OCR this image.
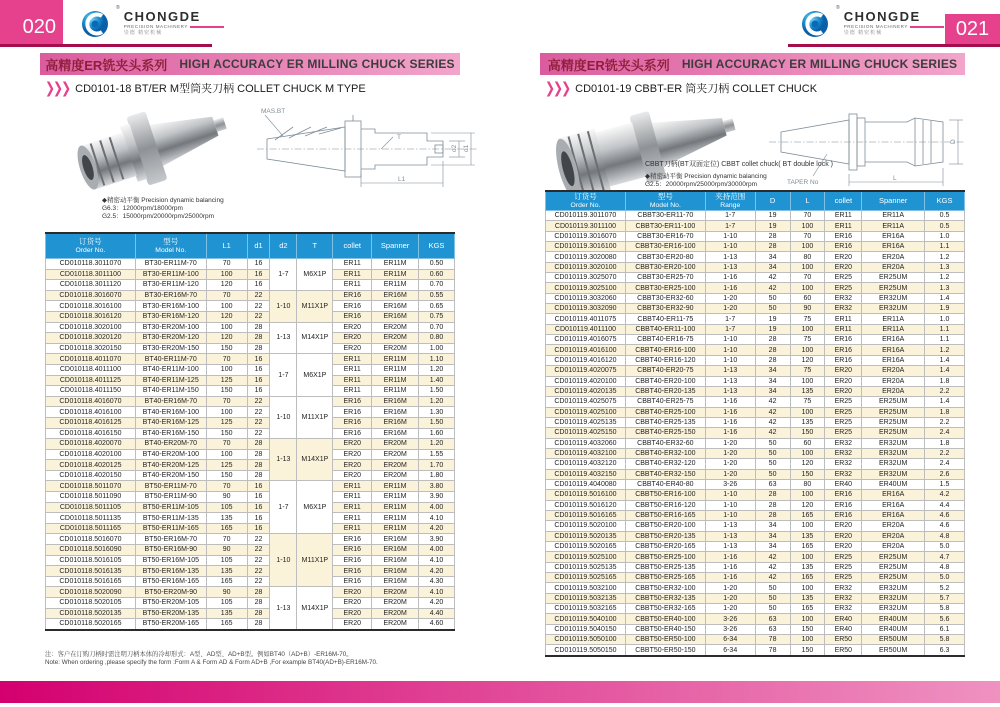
020	021
®
CHONGDE
PRECISION MACHINERY
崇德 精密机械
®
CHONGDE
PRECISION MACHINERY
崇德 精密机械
高精度ER铣夹头系列 HIGH ACCURACY ER MILLING CHUCK SERIES	高精度ER铣夹头系列 HIGH ACCURACY ER MILLING CHUCK SERIES
❯❯❯ CD0101-18 BT/ER M型筒夹刀柄 COLLET CHUCK M TYPE	❯❯❯ CD0101-19 CBBT-ER 筒夹刀柄 COLLET CHUCK
MAS.BT
T
L1
d2 d1
◆精密动平衡 Precision dynamic balancing
G6.3：12000rpm/18000rpm
G2.5：15000rpm/20000rpm/25000rpm
TAPER No
D
L
CBBT刀柄(BT双面定位) CBBT collet chuck( BT double lock )
◆精密动平衡 Precision dynamic balancing
G2.5：20000rpm/25000rpm/30000rpm
订货号
Order No.	型号
Model No.	L1	d1	d2	T	collet	Spanner	KGS

CD010118.3011070	BT30-ER11M-70	70	16	1-7	M6X1P	ER11	ER11M	0.50
CD010118.3011100	BT30-ER11M-100	100	16			ER11	ER11M	0.60
CD010118.3011120	BT30-ER11M-120	120	16			ER11	ER11M	0.70
CD010118.3016070	BT30-ER16M-70	70	22	1-10	M11X1P	ER16	ER16M	0.55
CD010118.3016100	BT30-ER16M-100	100	22			ER16	ER16M	0.65
CD010118.3016120	BT30-ER16M-120	120	22			ER16	ER16M	0.75
CD010118.3020100	BT30-ER20M-100	100	28	1-13	M14X1P	ER20	ER20M	0.70
CD010118.3020120	BT30-ER20M-120	120	28			ER20	ER20M	0.80
CD010118.3020150	BT30-ER20M-150	150	28			ER20	ER20M	1.00
CD010118.4011070	BT40-ER11M-70	70	16	1-7	M6X1P	ER11	ER11M	1.10
CD010118.4011100	BT40-ER11M-100	100	16			ER11	ER11M	1.20
CD010118.4011125	BT40-ER11M-125	125	16			ER11	ER11M	1.40
CD010118.4011150	BT40-ER11M-150	150	16			ER11	ER11M	1.50
CD010118.4016070	BT40-ER16M-70	70	22	1-10	M11X1P	ER16	ER16M	1.20
CD010118.4016100	BT40-ER16M-100	100	22			ER16	ER16M	1.30
CD010118.4016125	BT40-ER16M-125	125	22			ER16	ER16M	1.50
CD010118.4016150	BT40-ER16M-150	150	22			ER16	ER16M	1.60
CD010118.4020070	BT40-ER20M-70	70	28	1-13	M14X1P	ER20	ER20M	1.20
CD010118.4020100	BT40-ER20M-100	100	28			ER20	ER20M	1.55
CD010118.4020125	BT40-ER20M-125	125	28			ER20	ER20M	1.70
CD010118.4020150	BT40-ER20M-150	150	28			ER20	ER20M	1.80
CD010118.5011070	BT50-ER11M-70	70	16	1-7	M6X1P	ER11	ER11M	3.80
CD010118.5011090	BT50-ER11M-90	90	16			ER11	ER11M	3.90
CD010118.5011105	BT50-ER11M-105	105	16			ER11	ER11M	4.00
CD010118.5011135	BT50-ER11M-135	135	16			ER11	ER11M	4.10
CD010118.5011165	BT50-ER11M-165	165	16			ER11	ER11M	4.20
CD010118.5016070	BT50-ER16M-70	70	22	1-10	M11X1P	ER16	ER16M	3.90
CD010118.5016090	BT50-ER16M-90	90	22			ER16	ER16M	4.00
CD010118.5016105	BT50-ER16M-105	105	22			ER16	ER16M	4.10
CD010118.5016135	BT50-ER16M-135	135	22			ER16	ER16M	4.20
CD010118.5016165	BT50-ER16M-165	165	22			ER16	ER16M	4.30
CD010118.5020090	BT50-ER20M-90	90	28	1-13	M14X1P	ER20	ER20M	4.10
CD010118.5020105	BT50-ER20M-105	105	28			ER20	ER20M	4.20
CD010118.5020135	BT50-ER20M-135	135	28			ER20	ER20M	4.40
CD010118.5020165	BT50-ER20M-165	165	28			ER20	ER20M	4.60
订货号
Order No.	型号
Model No.	夹持范围
Range	D	L	collet	Spanner	KGS

CD010119.3011070	CBBT30-ER11-70	1-7	19	70	ER11	ER11A	0.5
CD010119.3011100	CBBT30-ER11-100	1-7	19	100	ER11	ER11A	0.5
CD010119.3016070	CBBT30-ER16-70	1-10	28	70	ER16	ER16A	1.0
CD010119.3016100	CBBT30-ER16-100	1-10	28	100	ER16	ER16A	1.1
CD010119.3020080	CBBT30-ER20-80	1-13	34	80	ER20	ER20A	1.2
CD010119.3020100	CBBT30-ER20-100	1-13	34	100	ER20	ER20A	1.3
CD010119.3025070	CBBT30-ER25-70	1-16	42	70	ER25	ER25UM	1.2
CD010119.3025100	CBBT30-ER25-100	1-16	42	100	ER25	ER25UM	1.3
CD010119.3032060	CBBT30-ER32-60	1-20	50	60	ER32	ER32UM	1.4
CD010119.3032090	CBBT30-ER32-90	1-20	50	90	ER32	ER32UM	1.9
CD010119.4011075	CBBT40-ER11-75	1-7	19	75	ER11	ER11A	1.0
CD010119.4011100	CBBT40-ER11-100	1-7	19	100	ER11	ER11A	1.1
CD010119.4016075	CBBT40-ER16-75	1-10	28	75	ER16	ER16A	1.1
CD010119.4016100	CBBT40-ER16-100	1-10	28	100	ER16	ER16A	1.2
CD010119.4016120	CBBT40-ER16-120	1-10	28	120	ER16	ER16A	1.4
CD010119.4020075	CBBT40-ER20-75	1-13	34	75	ER20	ER20A	1.4
CD010119.4020100	CBBT40-ER20-100	1-13	34	100	ER20	ER20A	1.8
CD010119.4020135	CBBT40-ER20-135	1-13	34	135	ER20	ER20A	2.2
CD010119.4025075	CBBT40-ER25-75	1-16	42	75	ER25	ER25UM	1.4
CD010119.4025100	CBBT40-ER25-100	1-16	42	100	ER25	ER25UM	1.8
CD010119.4025135	CBBT40-ER25-135	1-16	42	135	ER25	ER25UM	2.2
CD010119.4025150	CBBT40-ER25-150	1-16	42	150	ER25	ER25UM	2.4
CD010119.4032060	CBBT40-ER32-60	1-20	50	60	ER32	ER32UM	1.8
CD010119.4032100	CBBT40-ER32-100	1-20	50	100	ER32	ER32UM	2.2
CD010119.4032120	CBBT40-ER32-120	1-20	50	120	ER32	ER32UM	2.4
CD010119.4032150	CBBT40-ER32-150	1-20	50	150	ER32	ER32UM	2.6
CD010119.4040080	CBBT40-ER40-80	3-26	63	80	ER40	ER40UM	1.5
CD010119.5016100	CBBT50-ER16-100	1-10	28	100	ER16	ER16A	4.2
CD010119.5016120	CBBT50-ER16-120	1-10	28	120	ER16	ER16A	4.4
CD010119.5016165	CBBT50-ER16-165	1-10	28	165	ER16	ER16A	4.6
CD010119.5020100	CBBT50-ER20-100	1-13	34	100	ER20	ER20A	4.6
CD010119.5020135	CBBT50-ER20-135	1-13	34	135	ER20	ER20A	4.8
CD010119.5020165	CBBT50-ER20-165	1-13	34	165	ER20	ER20A	5.0
CD010119.5025100	CBBT50-ER25-100	1-16	42	100	ER25	ER25UM	4.7
CD010119.5025135	CBBT50-ER25-135	1-16	42	135	ER25	ER25UM	4.8
CD010119.5025165	CBBT50-ER25-165	1-16	42	165	ER25	ER25UM	5.0
CD010119.5032100	CBBT50-ER32-100	1-20	50	100	ER32	ER32UM	5.2
CD010119.5032135	CBBT50-ER32-135	1-20	50	135	ER32	ER32UM	5.7
CD010119.5032165	CBBT50-ER32-165	1-20	50	165	ER32	ER32UM	5.8
CD010119.5040100	CBBT50-ER40-100	3-26	63	100	ER40	ER40UM	5.6
CD010119.5040150	CBBT50-ER40-150	3-26	63	150	ER40	ER40UM	6.1
CD010119.5050100	CBBT50-ER50-100	6-34	78	100	ER50	ER50UM	5.8
CD010119.5050150	CBBT50-ER50-150	6-34	78	150	ER50	ER50UM	6.3
注：客户在订购刀柄时需注明刀柄本体的冷却形式：A型、AD型、AD+B型。例如BT40（AD+B）-ER16M-70。
Note: When ordering ,please specify the form :Form A & Form AD & Form AD+B ,For example BT40(AD+B)-ER16M-70.
